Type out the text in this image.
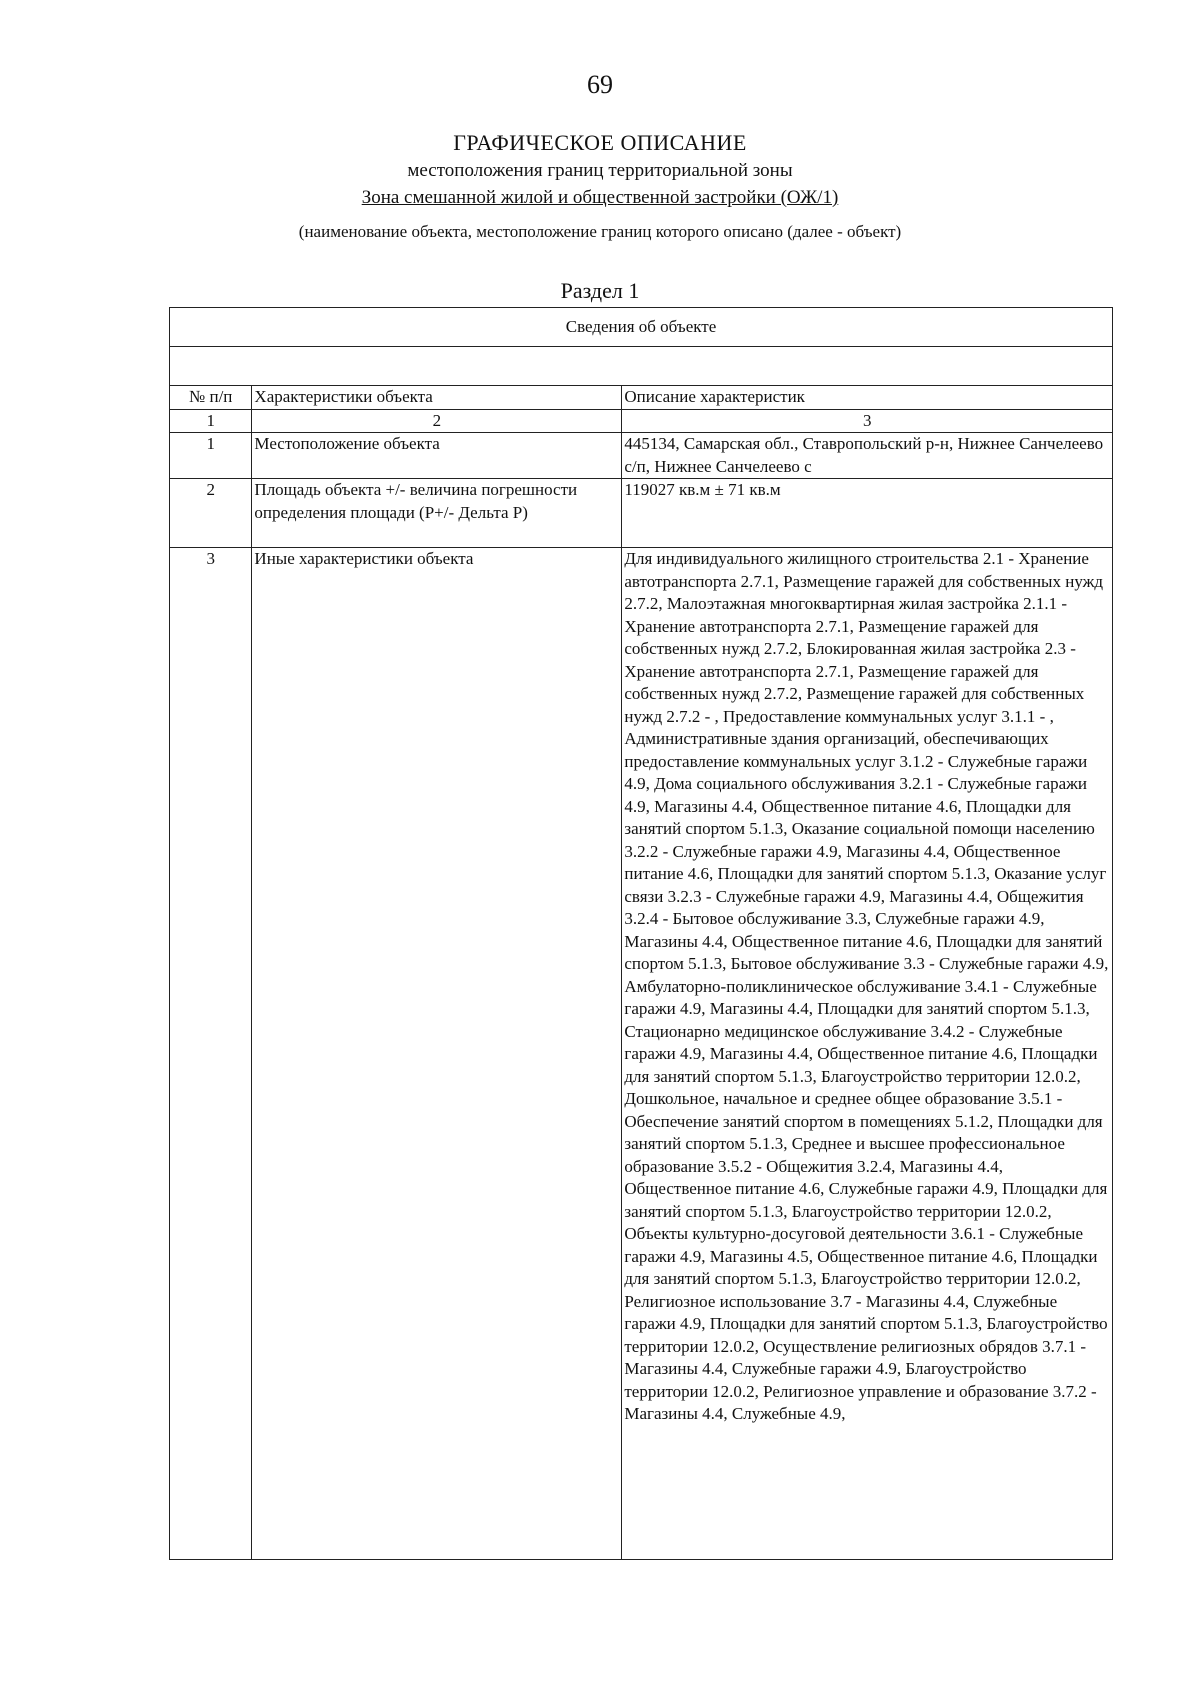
69
ГРАФИЧЕСКОЕ ОПИСАНИЕ
местоположения границ территориальной зоны
Зона смешанной жилой и общественной застройки (ОЖ/1)
(наименование объекта, местоположение границ которого описано (далее - объект)
Раздел 1
Сведения об объекте		

№ п/п	Характеристики объекта	Описание характеристик
1	2	3
1	Местоположение объекта	445134, Самарская обл., Ставропольский р-н, Нижнее Санчелеево с/п, Нижнее Санчелеево с
2	Площадь объекта +/- величина погрешности определения площади (Р+/- Дельта Р)	119027 кв.м ± 71 кв.м
3	Иные характеристики объекта	Для индивидуального жилищного строительства 2.1 - Хранение автотранспорта 2.7.1, Размещение гаражей для собственных нужд 2.7.2, Малоэтажная многоквартирная жилая застройка 2.1.1 - Хранение автотранспорта 2.7.1, Размещение гаражей для собственных нужд 2.7.2, Блокированная жилая застройка 2.3 - Хранение автотранспорта 2.7.1, Размещение гаражей для собственных нужд 2.7.2, Размещение гаражей для собственных нужд 2.7.2 - , Предоставление коммунальных услуг 3.1.1 - , Административные здания организаций, обеспечивающих предоставление коммунальных услуг 3.1.2 - Служебные гаражи 4.9, Дома социального обслуживания 3.2.1 - Служебные гаражи 4.9, Магазины 4.4, Общественное питание 4.6, Площадки для занятий спортом 5.1.3, Оказание социальной помощи населению 3.2.2 - Служебные гаражи 4.9, Магазины 4.4, Общественное питание 4.6, Площадки для занятий спортом 5.1.3, Оказание услуг связи 3.2.3 - Служебные гаражи 4.9, Магазины 4.4, Общежития 3.2.4 - Бытовое обслуживание 3.3, Служебные гаражи 4.9, Магазины 4.4, Общественное питание 4.6, Площадки для занятий спортом 5.1.3, Бытовое обслуживание 3.3 - Служебные гаражи 4.9, Амбулаторно-поликлиническое обслуживание 3.4.1 - Служебные гаражи 4.9, Магазины 4.4, Площадки для занятий спортом 5.1.3, Стационарно медицинское обслуживание 3.4.2 - Служебные гаражи 4.9, Магазины 4.4, Общественное питание 4.6, Площадки для занятий спортом 5.1.3, Благоустройство территории 12.0.2, Дошкольное, начальное и среднее общее образование 3.5.1 - Обеспечение занятий спортом в помещениях 5.1.2, Площадки для занятий спортом 5.1.3, Среднее и высшее профессиональное образование 3.5.2 - Общежития 3.2.4, Магазины 4.4, Общественное питание 4.6, Служебные гаражи 4.9, Площадки для занятий спортом 5.1.3, Благоустройство территории 12.0.2, Объекты культурно-досуговой деятельности 3.6.1 - Служебные гаражи 4.9, Магазины 4.5, Общественное питание 4.6, Площадки для занятий спортом 5.1.3, Благоустройство территории 12.0.2, Религиозное использование 3.7 - Магазины 4.4, Служебные гаражи 4.9, Площадки для занятий спортом 5.1.3, Благоустройство территории 12.0.2, Осуществление религиозных обрядов 3.7.1 - Магазины 4.4, Служебные гаражи 4.9, Благоустройство территории 12.0.2, Религиозное управление и образование 3.7.2 - Магазины 4.4, Служебные 4.9,
